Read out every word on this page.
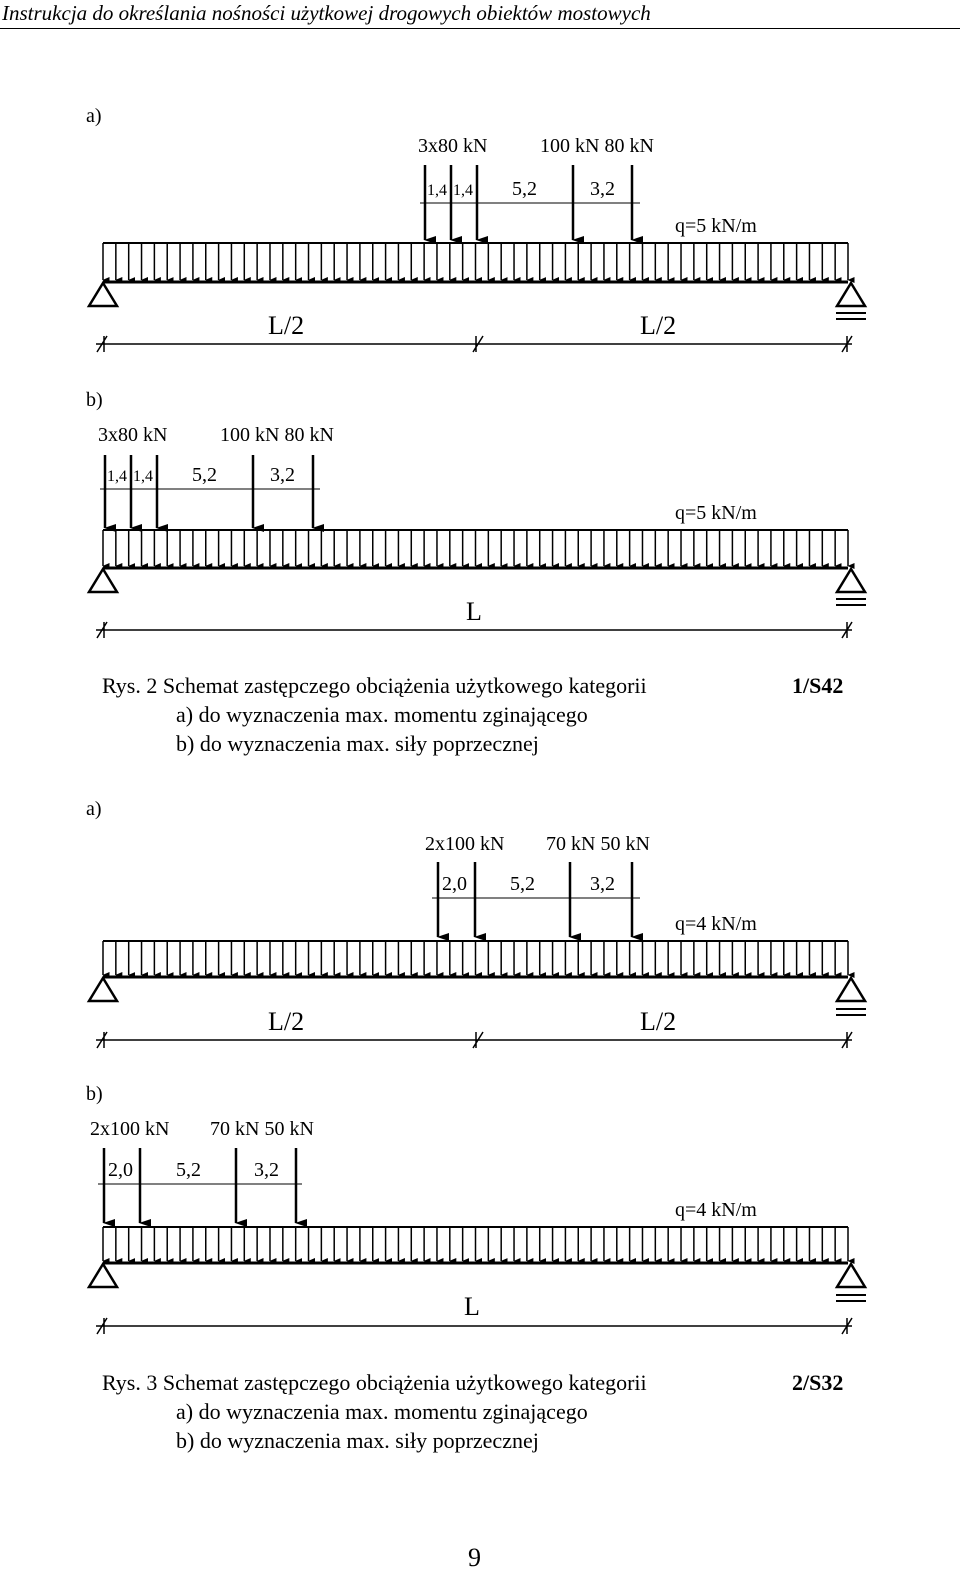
Instrukcja do określania nośności użytkowej drogowych obiektów mostowych
a)
3x80 kN	100 kN 80 kN
1,4 1,4 5,2	3,2
q=5 kN/m
L/2	L/2
b)
3x80 kN	100 kN 80 kN
1,4 1,4 5,2	3,2
q=5 kN/m
L
Rys. 2 Schemat zastępczego obciążenia użytkowego kategorii	1/S42
a) do wyznaczenia max. momentu zginającego
b) do wyznaczenia max. siły poprzecznej
a)
2x100 kN 70 kN 50 kN
2,0 5,2	3,2
q=4 kN/m
L/2	L/2
b)
2x100 kN 70 kN 50 kN
2,0 5,2	3,2
q=4 kN/m
L
Rys. 3 Schemat zastępczego obciążenia użytkowego kategorii	2/S32
a) do wyznaczenia max. momentu zginającego
b) do wyznaczenia max. siły poprzecznej
9
